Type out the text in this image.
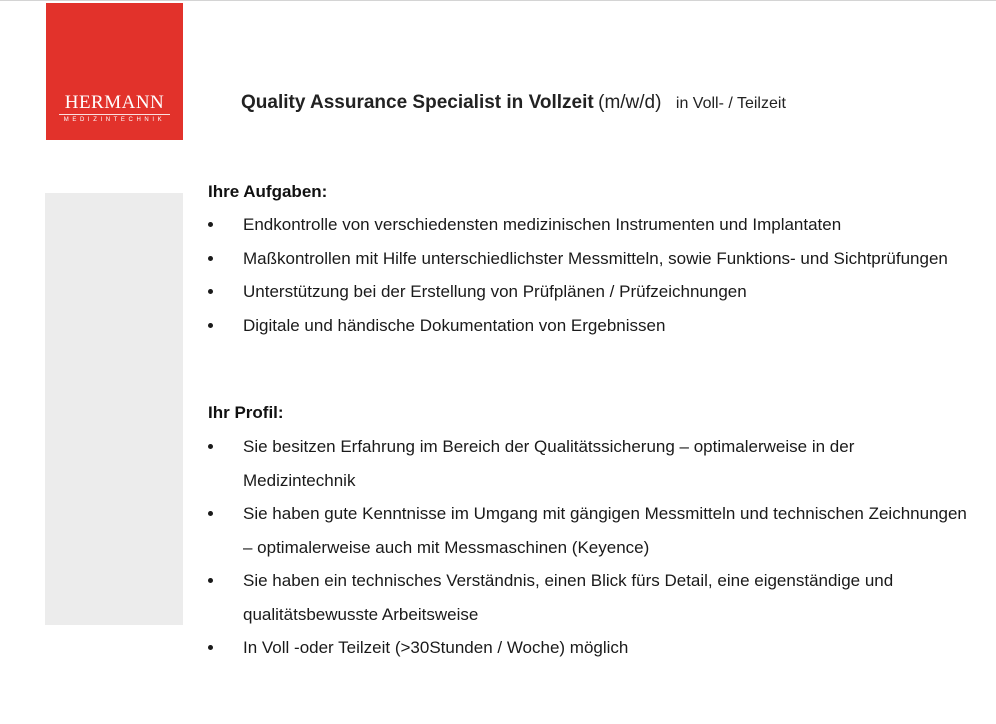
HERMANN
MEDIZINTECHNIK
Quality Assurance Specialist in Vollzeit (m/w/d) in Voll- / Teilzeit
Ihre Aufgaben:
Endkontrolle von verschiedensten medizinischen Instrumenten und Implantaten
Maßkontrollen mit Hilfe unterschiedlichster Messmitteln, sowie Funktions- und Sichtprüfungen
Unterstützung bei der Erstellung von Prüfplänen / Prüfzeichnungen
Digitale und händische Dokumentation von Ergebnissen
Ihr Profil:
Sie besitzen Erfahrung im Bereich der Qualitätssicherung – optimalerweise in der Medizintechnik
Sie haben gute Kenntnisse im Umgang mit gängigen Messmitteln und technischen Zeichnungen – optimalerweise auch mit Messmaschinen (Keyence)
Sie haben ein technisches Verständnis, einen Blick fürs Detail, eine eigenständige und qualitätsbewusste Arbeitsweise
In Voll -oder Teilzeit (>30Stunden / Woche) möglich
